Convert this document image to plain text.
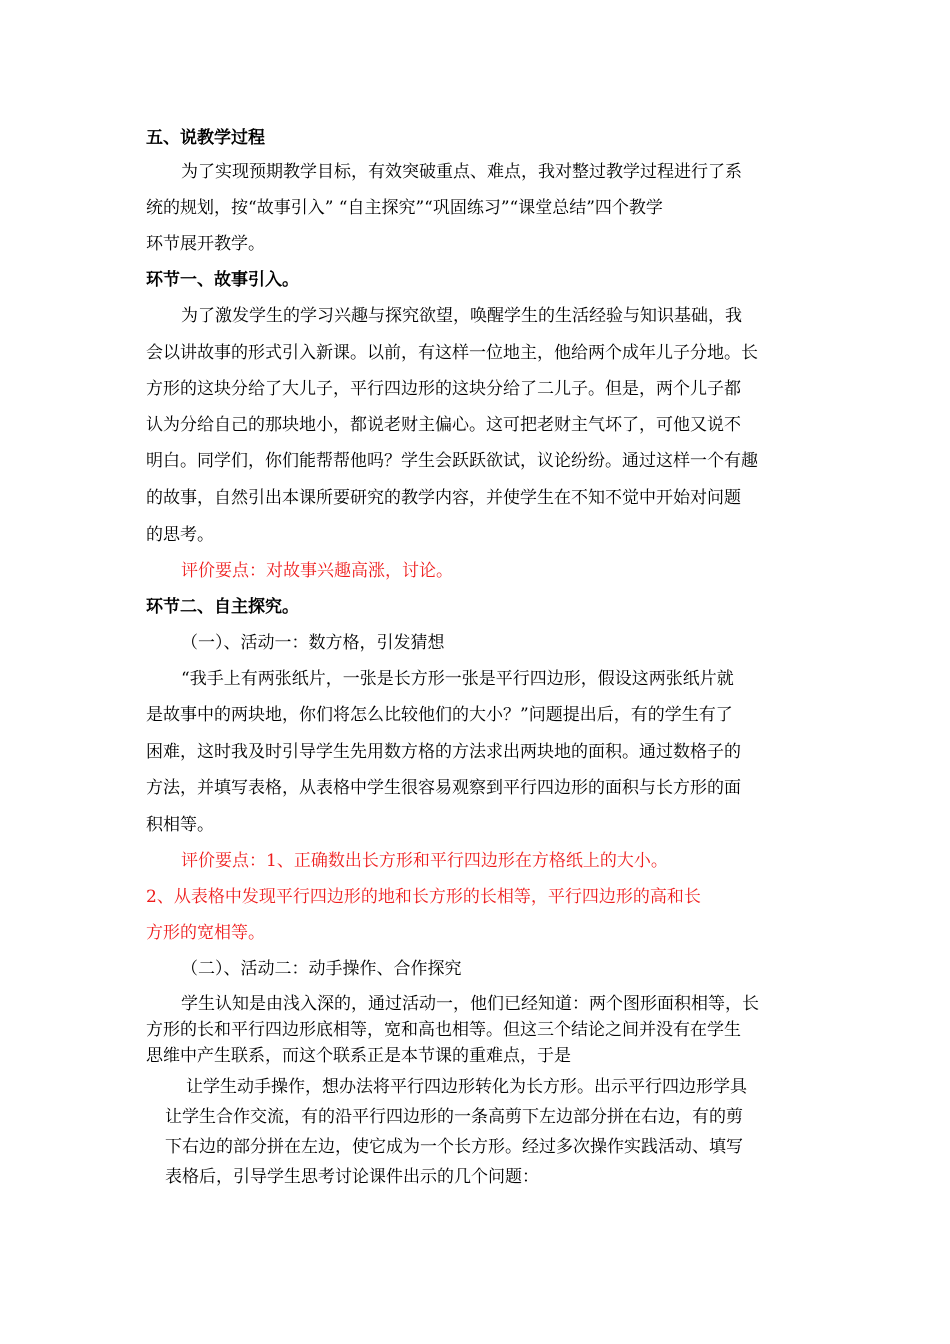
五、说教学过程
为了实现预期教学目标，有效突破重点、难点，我对整过教学过程进行了系
统的规划，按“故事引入” “自主探究”“巩固练习”“课堂总结”四个教学
环节展开教学。
环节一、故事引入。
为了激发学生的学习兴趣与探究欲望，唤醒学生的生活经验与知识基础，我
会以讲故事的形式引入新课。以前，有这样一位地主，他给两个成年儿子分地。长
方形的这块分给了大儿子，平行四边形的这块分给了二儿子。但是，两个儿子都
认为分给自己的那块地小，都说老财主偏心。这可把老财主气坏了，可他又说不
明白。同学们，你们能帮帮他吗？学生会跃跃欲试，议论纷纷。通过这样一个有趣
的故事，自然引出本课所要研究的教学内容，并使学生在不知不觉中开始对问题
的思考。
评价要点：对故事兴趣高涨，讨论。
环节二、自主探究。
（一）、活动一：数方格，引发猜想
“我手上有两张纸片，一张是长方形一张是平行四边形，假设这两张纸片就
是故事中的两块地，你们将怎么比较他们的大小？”问题提出后，有的学生有了
困难，这时我及时引导学生先用数方格的方法求出两块地的面积。通过数格子的
方法，并填写表格，从表格中学生很容易观察到平行四边形的面积与长方形的面
积相等。
评价要点：1、正确数出长方形和平行四边形在方格纸上的大小。
2、从表格中发现平行四边形的地和长方形的长相等，平行四边形的高和长
方形的宽相等。
（二）、活动二：动手操作、合作探究
学生认知是由浅入深的，通过活动一，他们已经知道：两个图形面积相等，长
方形的长和平行四边形底相等，宽和高也相等。但这三个结论之间并没有在学生
思维中产生联系，而这个联系正是本节课的重难点，于是
让学生动手操作，想办法将平行四边形转化为长方形。出示平行四边形学具
让学生合作交流，有的沿平行四边形的一条高剪下左边部分拼在右边，有的剪
下右边的部分拼在左边，使它成为一个长方形。经过多次操作实践活动、填写
表格后，引导学生思考讨论课件出示的几个问题：
